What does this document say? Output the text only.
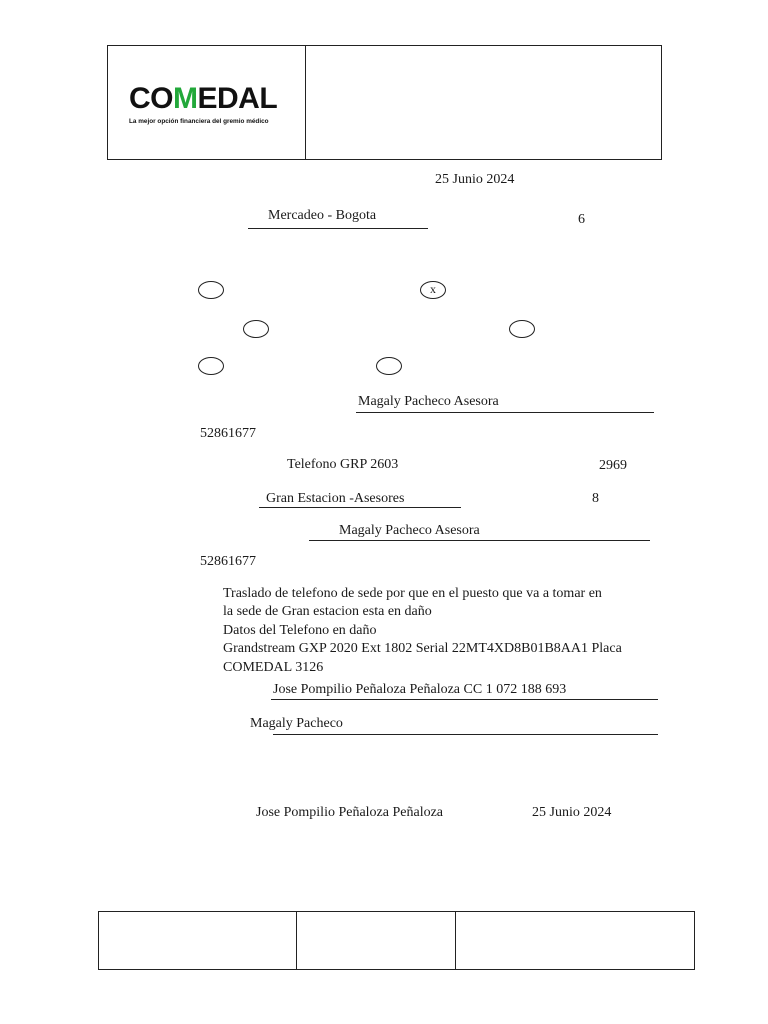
COMEDAL
La mejor opción financiera del gremio médico
25 Junio 2024
Mercadeo - Bogota	6
x
Magaly Pacheco Asesora
52861677
Telefono GRP 2603	2969
Gran Estacion -Asesores	8
Magaly Pacheco Asesora
52861677
Traslado de telefono de sede por que en el puesto que va a tomar en
la sede de Gran estacion esta en daño
Datos del Telefono en daño
Grandstream GXP 2020 Ext 1802 Serial 22MT4XD8B01B8AA1 Placa
COMEDAL 3126
Jose Pompilio Peñaloza Peñaloza CC 1 072 188 693
Magaly Pacheco
Jose Pompilio Peñaloza Peñaloza	25 Junio 2024
